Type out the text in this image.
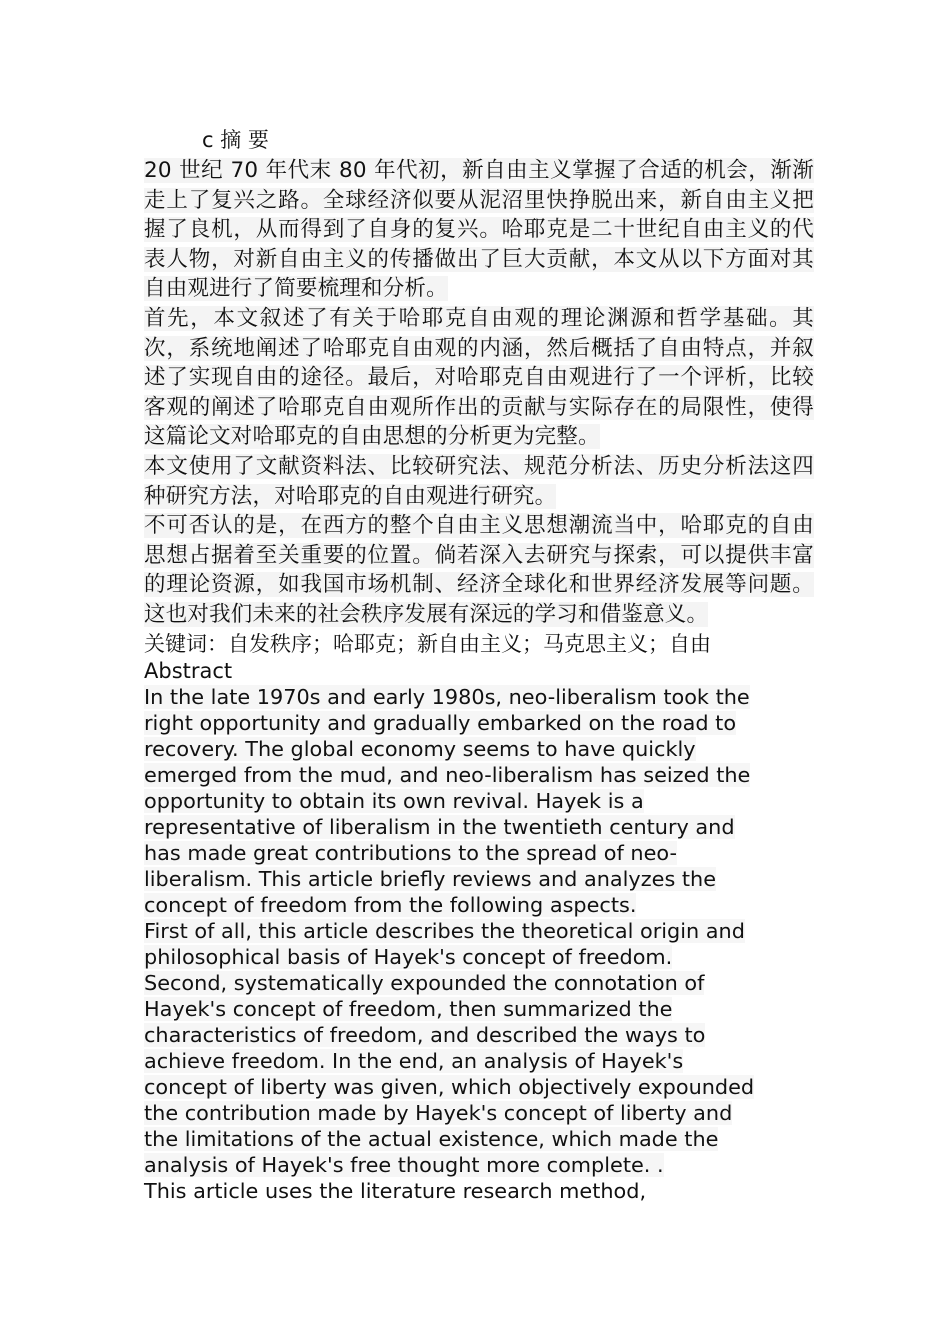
c 摘 要

20 世纪 70 年代末 80 年代初，新自由主义掌握了合适的机会，渐渐走上了复兴之路。全球经济似要从泥沼里快挣脱出来，新自由主义把握了良机，从而得到了自身的复兴。哈耶克是二十世纪自由主义的代表人物，对新自由主义的传播做出了巨大贡献，本文从以下方面对其自由观进行了简要梳理和分析。

首先，本文叙述了有关于哈耶克自由观的理论渊源和哲学基础。其次，系统地阐述了哈耶克自由观的内涵，然后概括了自由特点，并叙述了实现自由的途径。最后，对哈耶克自由观进行了一个评析，比较客观的阐述了哈耶克自由观所作出的贡献与实际存在的局限性，使得这篇论文对哈耶克的自由思想的分析更为完整。

本文使用了文献资料法、比较研究法、规范分析法、历史分析法这四种研究方法，对哈耶克的自由观进行研究。

不可否认的是，在西方的整个自由主义思想潮流当中，哈耶克的自由思想占据着至关重要的位置。倘若深入去研究与探索，可以提供丰富的理论资源，如我国市场机制、经济全球化和世界经济发展等问题。这也对我们未来的社会秩序发展有深远的学习和借鉴意义。

关键词：自发秩序；哈耶克；新自由主义；马克思主义；自由

Abstract

In the late 1970s and early 1980s, neo-liberalism took the
right opportunity and gradually embarked on the road to
recovery. The global economy seems to have quickly
emerged from the mud, and neo-liberalism has seized the
opportunity to obtain its own revival. Hayek is a
representative of liberalism in the twentieth century and
has made great contributions to the spread of neo-
liberalism. This article briefly reviews and analyzes the
concept of freedom from the following aspects.

First of all, this article describes the theoretical origin and
philosophical basis of Hayek's concept of freedom.
Second, systematically expounded the connotation of
Hayek's concept of freedom, then summarized the
characteristics of freedom, and described the ways to
achieve freedom. In the end, an analysis of Hayek's
concept of liberty was given, which objectively expounded
the contribution made by Hayek's concept of liberty and
the limitations of the actual existence, which made the
analysis of Hayek's free thought more complete. .

This article uses the literature research method,
